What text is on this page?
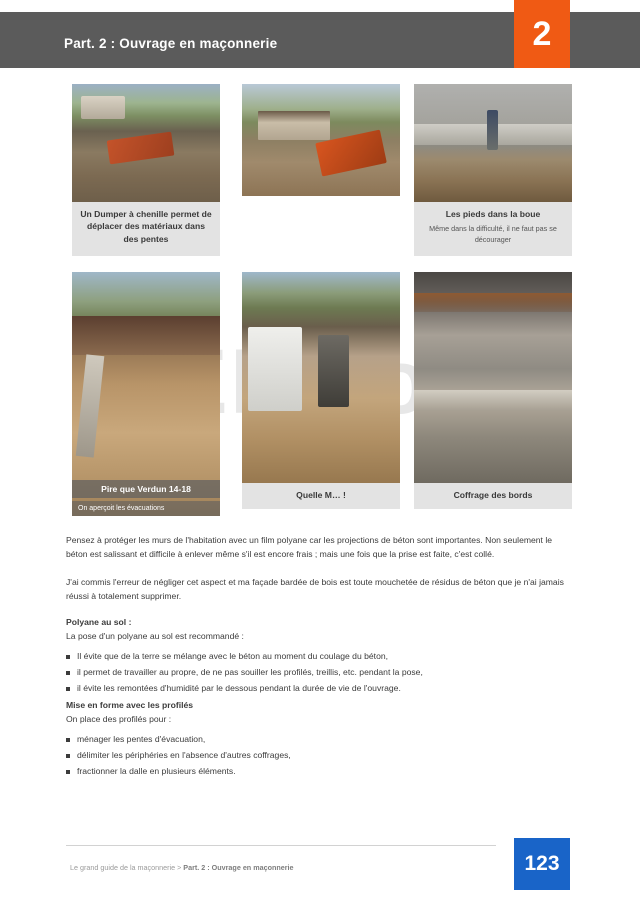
Part. 2 : Ouvrage en maçonnerie	2
Un Dumper à chenille permet de déplacer des matériaux dans des pentes
Les pieds dans la boue
Même dans la difficulté, il ne faut pas se décourager
Pire que Verdun 14-18
On aperçoit les évacuations
Quelle M… !	Coffrage des bords

Pensez à protéger les murs de l'habitation avec un film polyane car les projections de béton sont importantes. Non seulement le béton est salissant et difficile à enlever même s'il est encore frais ; mais une fois que la prise est faite, c'est collé.

J'ai commis l'erreur de négliger cet aspect et ma façade bardée de bois est toute mouchetée de résidus de béton que je n'ai jamais réussi à totalement supprimer.

Polyane au sol :

La pose d'un polyane au sol est recommandé :

Il évite que de la terre se mélange avec le béton au moment du coulage du béton,
il permet de travailler au propre, de ne pas souiller les profilés, treillis, etc. pendant la pose,
il évite les remontées d'humidité par le dessous pendant la durée de vie de l'ouvrage.

Mise en forme avec les profilés

On place des profilés pour :

ménager les pentes d'évacuation,
délimiter les périphéries en l'absence d'autres coffrages,
fractionner la dalle en plusieurs éléments.
Le grand guide de la maçonnerie > Part. 2 : Ouvrage en maçonnerie	123
